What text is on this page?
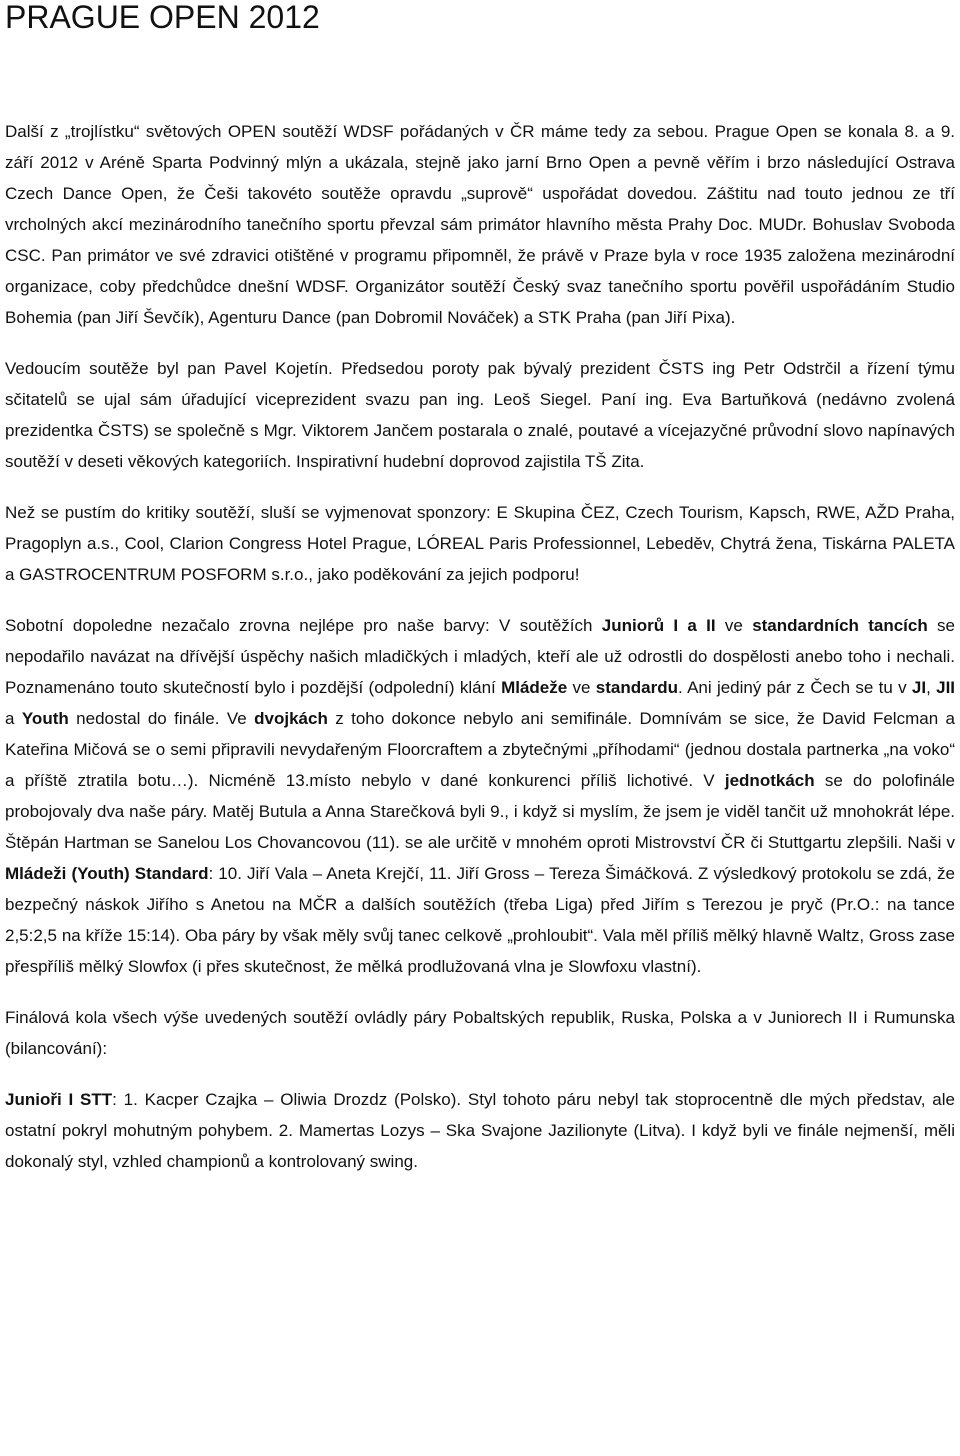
PRAGUE OPEN 2012

Další z „trojlístku“ světových OPEN soutěží WDSF pořádaných v ČR máme tedy za sebou. Prague Open se konala 8. a 9. září 2012 v Aréně Sparta Podvinný mlýn a ukázala, stejně jako jarní Brno Open a pevně věřím i brzo následující Ostrava Czech Dance Open, že Češi takovéto soutěže opravdu „suprově“ uspořádat dovedou. Záštitu nad touto jednou ze tří vrcholných akcí mezinárodního tanečního sportu převzal sám primátor hlavního města Prahy Doc. MUDr. Bohuslav Svoboda CSC. Pan primátor ve své zdravici otištěné v programu připomněl, že právě v Praze byla v roce 1935 založena mezinárodní organizace, coby předchůdce dnešní WDSF. Organizátor soutěží Český svaz tanečního sportu pověřil uspořádáním Studio Bohemia (pan Jiří Ševčík), Agenturu Dance (pan Dobromil Nováček) a STK Praha (pan Jiří Pixa).

Vedoucím soutěže byl pan Pavel Kojetín. Předsedou poroty pak bývalý prezident ČSTS ing Petr Odstrčil a řízení týmu sčitatelů se ujal sám úřadující viceprezident svazu pan ing. Leoš Siegel. Paní ing. Eva Bartuňková (nedávno zvolená prezidentka ČSTS) se společně s Mgr. Viktorem Jančem postarala o znalé, poutavé a vícejazyčné průvodní slovo napínavých soutěží v deseti věkových kategoriích. Inspirativní hudební doprovod zajistila TŠ Zita.

Než se pustím do kritiky soutěží, sluší se vyjmenovat sponzory: E Skupina ČEZ, Czech Tourism, Kapsch, RWE, AŽD Praha, Pragoplyn a.s., Cool, Clarion Congress Hotel Prague, LÓREAL Paris Professionnel, Lebeděv, Chytrá žena, Tiskárna PALETA a GASTROCENTRUM POSFORM s.r.o., jako poděkování za jejich podporu!

Sobotní dopoledne nezačalo zrovna nejlépe pro naše barvy: V soutěžích Juniorů I a II ve standardních tancích se nepodařilo navázat na dřívější úspěchy našich mladičkých i mladých, kteří ale už odrostli do dospělosti anebo toho i nechali. Poznamenáno touto skutečností bylo i pozdější (odpolední) klání Mládeže ve standardu. Ani jediný pár z Čech se tu v JI, JII a Youth nedostal do finále. Ve dvojkách z toho dokonce nebylo ani semifinále. Domnívám se sice, že David Felcman a Kateřina Mičová se o semi připravili nevydařeným Floorcraftem a zbytečnými „příhodami“ (jednou dostala partnerka „na voko“ a příště ztratila botu…). Nicméně 13.místo nebylo v dané konkurenci příliš lichotivé. V jednotkách se do polofinále probojovaly dva naše páry. Matěj Butula a Anna Starečková byli 9., i když si myslím, že jsem je viděl tančit už mnohokrát lépe. Štěpán Hartman se Sanelou Los Chovancovou (11). se ale určitě v mnohém oproti Mistrovství ČR či Stuttgartu zlepšili. Naši v Mládeži (Youth) Standard: 10. Jiří Vala – Aneta Krejčí, 11. Jiří Gross – Tereza Šimáčková. Z výsledkový protokolu se zdá, že bezpečný náskok Jiřího s Anetou na MČR a dalších soutěžích (třeba Liga) před Jiřím s Terezou je pryč (Pr.O.: na tance 2,5:2,5 na kříže 15:14). Oba páry by však měly svůj tanec celkově „prohloubit“. Vala měl příliš mělký hlavně Waltz, Gross zase přespříliš mělký Slowfox (i přes skutečnost, že mělká prodlužovaná vlna je Slowfoxu vlastní).

Finálová kola všech výše uvedených soutěží ovládly páry Pobaltských republik, Ruska, Polska a v Juniorech II i Rumunska (bilancování):

Junioři I STT: 1. Kacper Czajka – Oliwia Drozdz (Polsko). Styl tohoto páru nebyl tak stoprocentně dle mých představ, ale ostatní pokryl mohutným pohybem. 2. Mamertas Lozys – Ska Svajone Jazilionyte (Litva). I když byli ve finále nejmenší, měli dokonalý styl, vzhled championů a kontrolovaný swing.
